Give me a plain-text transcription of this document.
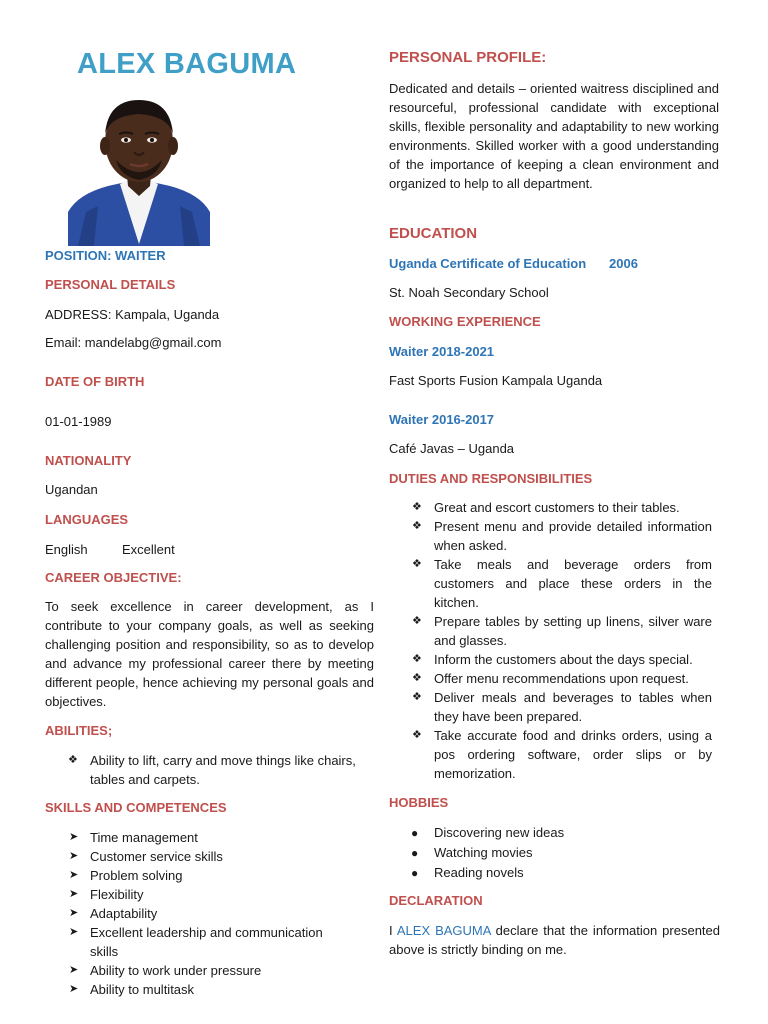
ALEX BAGUMA
POSITION: WAITER
PERSONAL DETAILS
ADDRESS: Kampala, Uganda
Email: mandelabg@gmail.com
DATE OF BIRTH
01-01-1989
NATIONALITY
Ugandan
LANGUAGES
English	Excellent
CAREER OBJECTIVE:
To seek excellence in career development, as I contribute to your company goals, as well as seeking challenging position and responsibility, so as to develop and advance my professional career there by meeting different people, hence achieving my personal goals and objectives.
ABILITIES;
❖ Ability to lift, carry and move things like chairs, tables and carpets.
SKILLS AND COMPETENCES
➤ Time management
➤ Customer service skills
➤ Problem solving
➤ Flexibility
➤ Adaptability
➤ Excellent leadership and communication skills
➤ Ability to work under pressure
➤ Ability to multitask
PERSONAL PROFILE:
Dedicated and details – oriented waitress disciplined and resourceful, professional candidate with exceptional skills, flexible personality and adaptability to new working environments. Skilled worker with a good understanding of the importance of keeping a clean environment and organized to help to all department.
EDUCATION
Uganda Certificate of Education 2006
St. Noah Secondary School
WORKING EXPERIENCE
Waiter 2018-2021
Fast Sports Fusion Kampala Uganda
Waiter 2016-2017
Café Javas – Uganda
DUTIES AND RESPONSIBILITIES
❖ Great and escort customers to their tables.
❖ Present menu and provide detailed information when asked.
❖ Take meals and beverage orders from customers and place these orders in the kitchen.
❖ Prepare tables by setting up linens, silver ware and glasses.
❖ Inform the customers about the days special.
❖ Offer menu recommendations upon request.
❖ Deliver meals and beverages to tables when they have been prepared.
❖ Take accurate food and drinks orders, using a pos ordering software, order slips or by memorization.
HOBBIES
● Discovering new ideas
● Watching movies
● Reading novels
DECLARATION
I ALEX BAGUMA declare that the information presented above is strictly binding on me.
